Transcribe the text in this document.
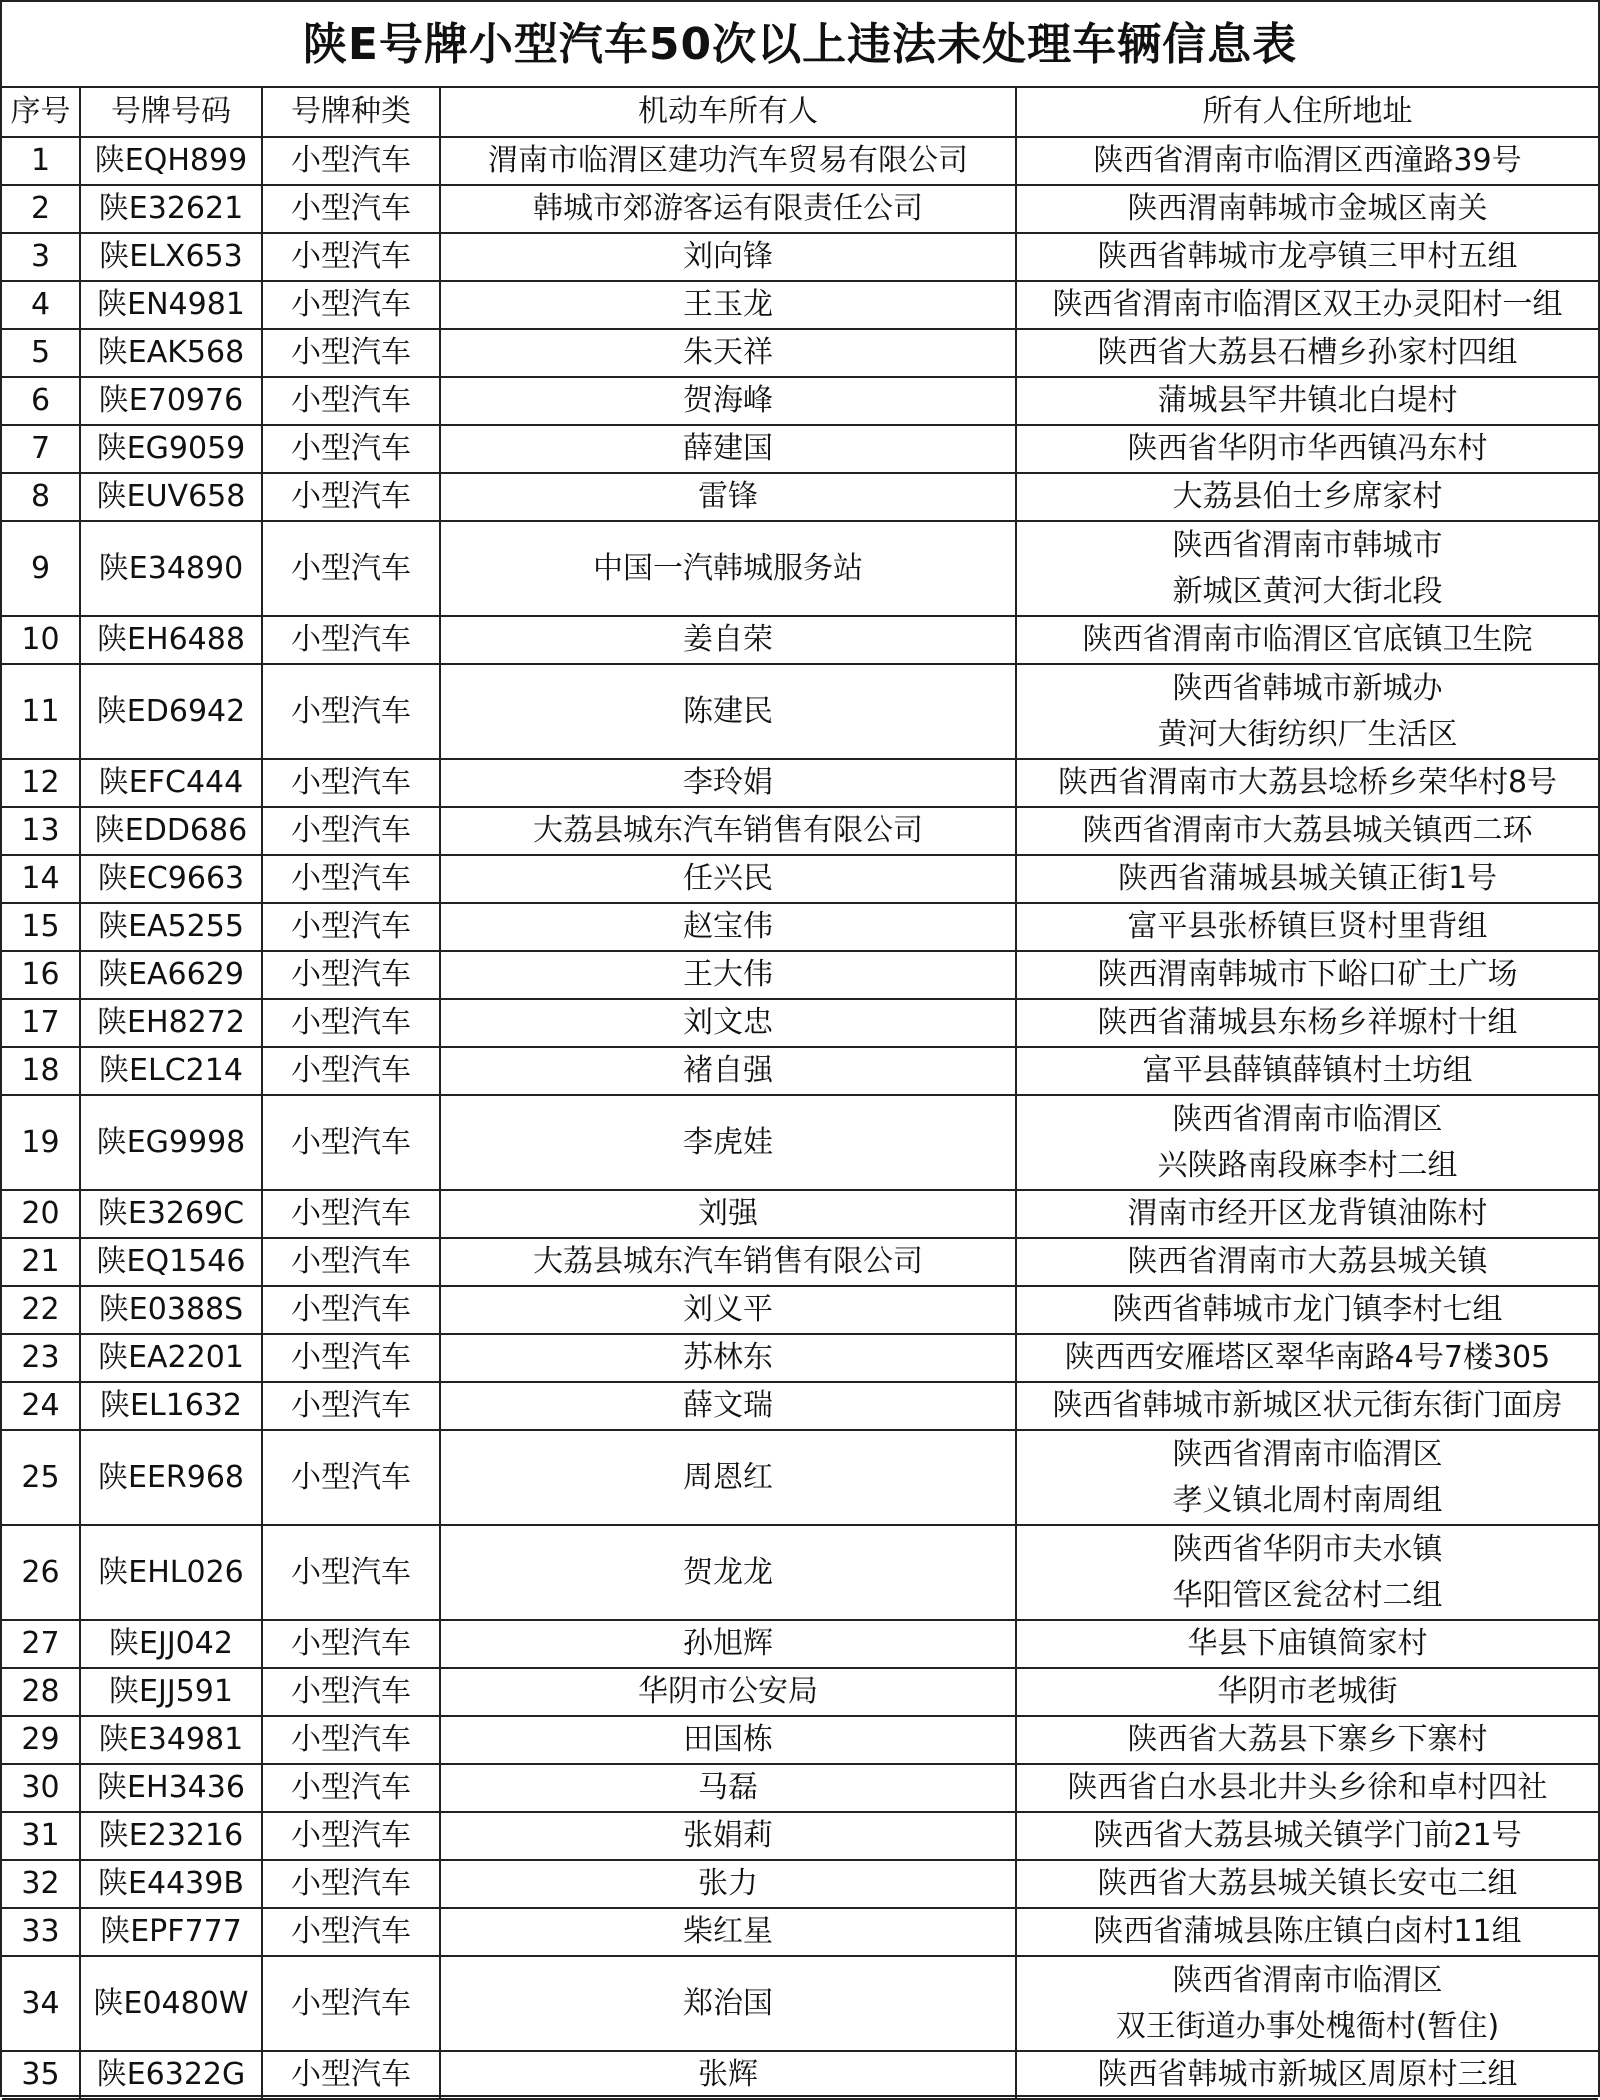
陕E号牌小型汽车50次以上违法未处理车辆信息表
序号	号牌号码	号牌种类	机动车所有人	所有人住所地址
1	陕EQH899	小型汽车	渭南市临渭区建功汽车贸易有限公司	陕西省渭南市临渭区西潼路39号

2	陕E32621	小型汽车	韩城市郊游客运有限责任公司	陕西渭南韩城市金城区南关

3	陕ELX653	小型汽车	刘向锋	陕西省韩城市龙亭镇三甲村五组

4	陕EN4981	小型汽车	王玉龙	陕西省渭南市临渭区双王办灵阳村一组

5	陕EAK568	小型汽车	朱天祥	陕西省大荔县石槽乡孙家村四组

6	陕E70976	小型汽车	贺海峰	蒲城县罕井镇北白堤村

7	陕EG9059	小型汽车	薛建国	陕西省华阴市华西镇冯东村

8	陕EUV658	小型汽车	雷锋	大荔县伯士乡席家村

9	陕E34890	小型汽车	中国一汽韩城服务站	陕西省渭南市韩城市
新城区黄河大街北段

10	陕EH6488	小型汽车	姜自荣	陕西省渭南市临渭区官底镇卫生院

11	陕ED6942	小型汽车	陈建民	陕西省韩城市新城办
黄河大街纺织厂生活区

12	陕EFC444	小型汽车	李玲娟	陕西省渭南市大荔县埝桥乡荣华村8号

13	陕EDD686	小型汽车	大荔县城东汽车销售有限公司	陕西省渭南市大荔县城关镇西二环

14	陕EC9663	小型汽车	任兴民	陕西省蒲城县城关镇正街1号

15	陕EA5255	小型汽车	赵宝伟	富平县张桥镇巨贤村里背组

16	陕EA6629	小型汽车	王大伟	陕西渭南韩城市下峪口矿土广场

17	陕EH8272	小型汽车	刘文忠	陕西省蒲城县东杨乡祥塬村十组

18	陕ELC214	小型汽车	褚自强	富平县薛镇薛镇村土坊组

19	陕EG9998	小型汽车	李虎娃	陕西省渭南市临渭区
兴陕路南段麻李村二组

20	陕E3269C	小型汽车	刘强	渭南市经开区龙背镇油陈村

21	陕EQ1546	小型汽车	大荔县城东汽车销售有限公司	陕西省渭南市大荔县城关镇

22	陕E0388S	小型汽车	刘义平	陕西省韩城市龙门镇李村七组

23	陕EA2201	小型汽车	苏林东	陕西西安雁塔区翠华南路4号7楼305

24	陕EL1632	小型汽车	薛文瑞	陕西省韩城市新城区状元街东街门面房

25	陕EER968	小型汽车	周恩红	陕西省渭南市临渭区
孝义镇北周村南周组

26	陕EHL026	小型汽车	贺龙龙	陕西省华阴市夫水镇
华阳管区瓮岔村二组

27	陕EJJ042	小型汽车	孙旭辉	华县下庙镇简家村

28	陕EJJ591	小型汽车	华阴市公安局	华阴市老城街

29	陕E34981	小型汽车	田国栋	陕西省大荔县下寨乡下寨村

30	陕EH3436	小型汽车	马磊	陕西省白水县北井头乡徐和卓村四社

31	陕E23216	小型汽车	张娟莉	陕西省大荔县城关镇学门前21号

32	陕E4439B	小型汽车	张力	陕西省大荔县城关镇长安屯二组

33	陕EPF777	小型汽车	柴红星	陕西省蒲城县陈庄镇白卤村11组

34	陕E0480W	小型汽车	郑治国	陕西省渭南市临渭区
双王街道办事处槐衙村(暂住)

35	陕E6322G	小型汽车	张辉	陕西省韩城市新城区周原村三组
